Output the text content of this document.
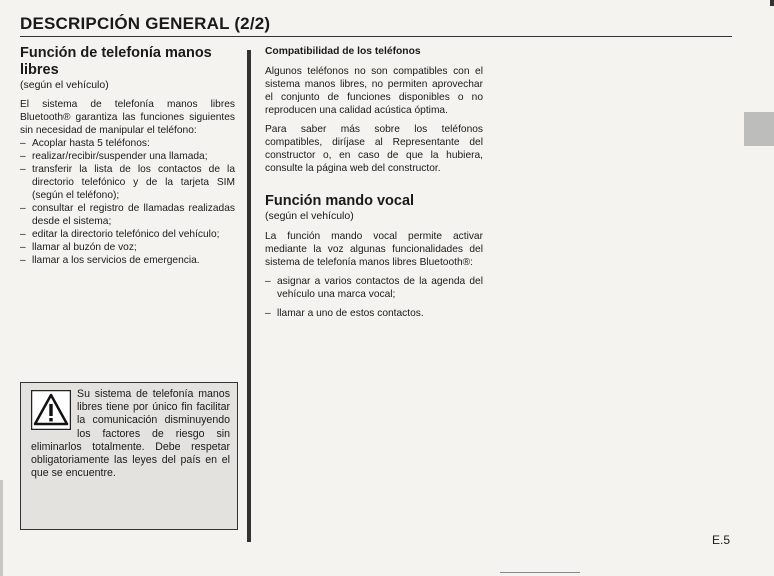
DESCRIPCIÓN GENERAL (2/2)
Función de telefonía manos libres
(según el vehículo)
El sistema de telefonía manos libres Bluetooth® garantiza las funciones siguientes sin necesidad de manipular el teléfono:
– Acoplar hasta 5 teléfonos:
– realizar/recibir/suspender una llamada;
– transferir la lista de los contactos de la directorio telefónico y de la tarjeta SIM (según el teléfono);
– consultar el registro de llamadas realizadas desde el sistema;
– editar la directorio telefónico del vehículo;
– llamar al buzón de voz;
– llamar a los servicios de emergencia.
Su sistema de telefonía manos libres tiene por único fin facilitar la comunicación disminuyendo los factores de riesgo sin eliminarlos totalmente. Debe respetar obligatoriamente las leyes del país en el que se encuentre.
Compatibilidad de los teléfonos
Algunos teléfonos no son compatibles con el sistema manos libres, no permiten aprovechar el conjunto de funciones disponibles o no reproducen una calidad acústica óptima.
Para saber más sobre los teléfonos compatibles, diríjase al Representante del constructor o, en caso de que la hubiera, consulte la página web del constructor.
Función mando vocal
(según el vehículo)
La función mando vocal permite activar mediante la voz algunas funcionalidades del sistema de telefonía manos libres Bluetooth®:
– asignar a varios contactos de la agenda del vehículo una marca vocal;
– llamar a uno de estos contactos.
E.5
